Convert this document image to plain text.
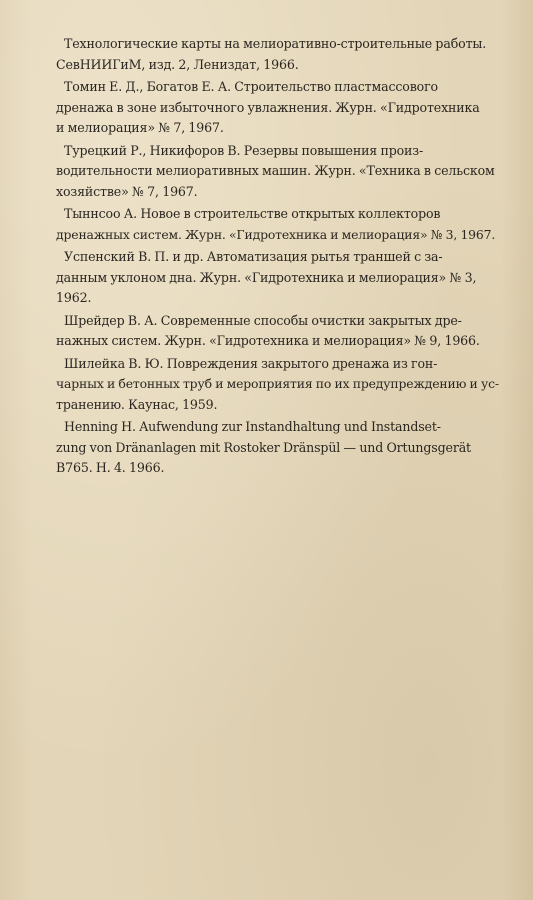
Технологические карты на мелиоративно-строительные работы.
СевНИИГиМ, изд. 2, Лениздат, 1966.

Томин Е. Д., Богатов Е. А. Строительство пластмассового
дренажа в зоне избыточного увлажнения. Журн. «Гидротехника
и мелиорация» № 7, 1967.

Турецкий Р., Никифоров В. Резервы повышения произ-
водительности мелиоративных машин. Журн. «Техника в сельском
хозяйстве» № 7, 1967.

Тыннсоо А. Новое в строительстве открытых коллекторов
дренажных систем. Журн. «Гидротехника и мелиорация» № 3, 1967.

Успенский В. П. и др. Автоматизация рытья траншей с за-
данным уклоном дна. Журн. «Гидротехника и мелиорация» № 3,
1962.

Шрейдер В. А. Современные способы очистки закрытых дре-
нажных систем. Журн. «Гидротехника и мелиорация» № 9, 1966.

Шилейка В. Ю. Повреждения закрытого дренажа из гон-
чарных и бетонных труб и мероприятия по их предупреждению и ус-
транению. Каунас, 1959.

Henning H. Aufwendung zur Instandhaltung und Instandset-
zung von Dränanlagen mit Rostoker Dränspül — und Ortungsgerät
B765. H. 4. 1966.
